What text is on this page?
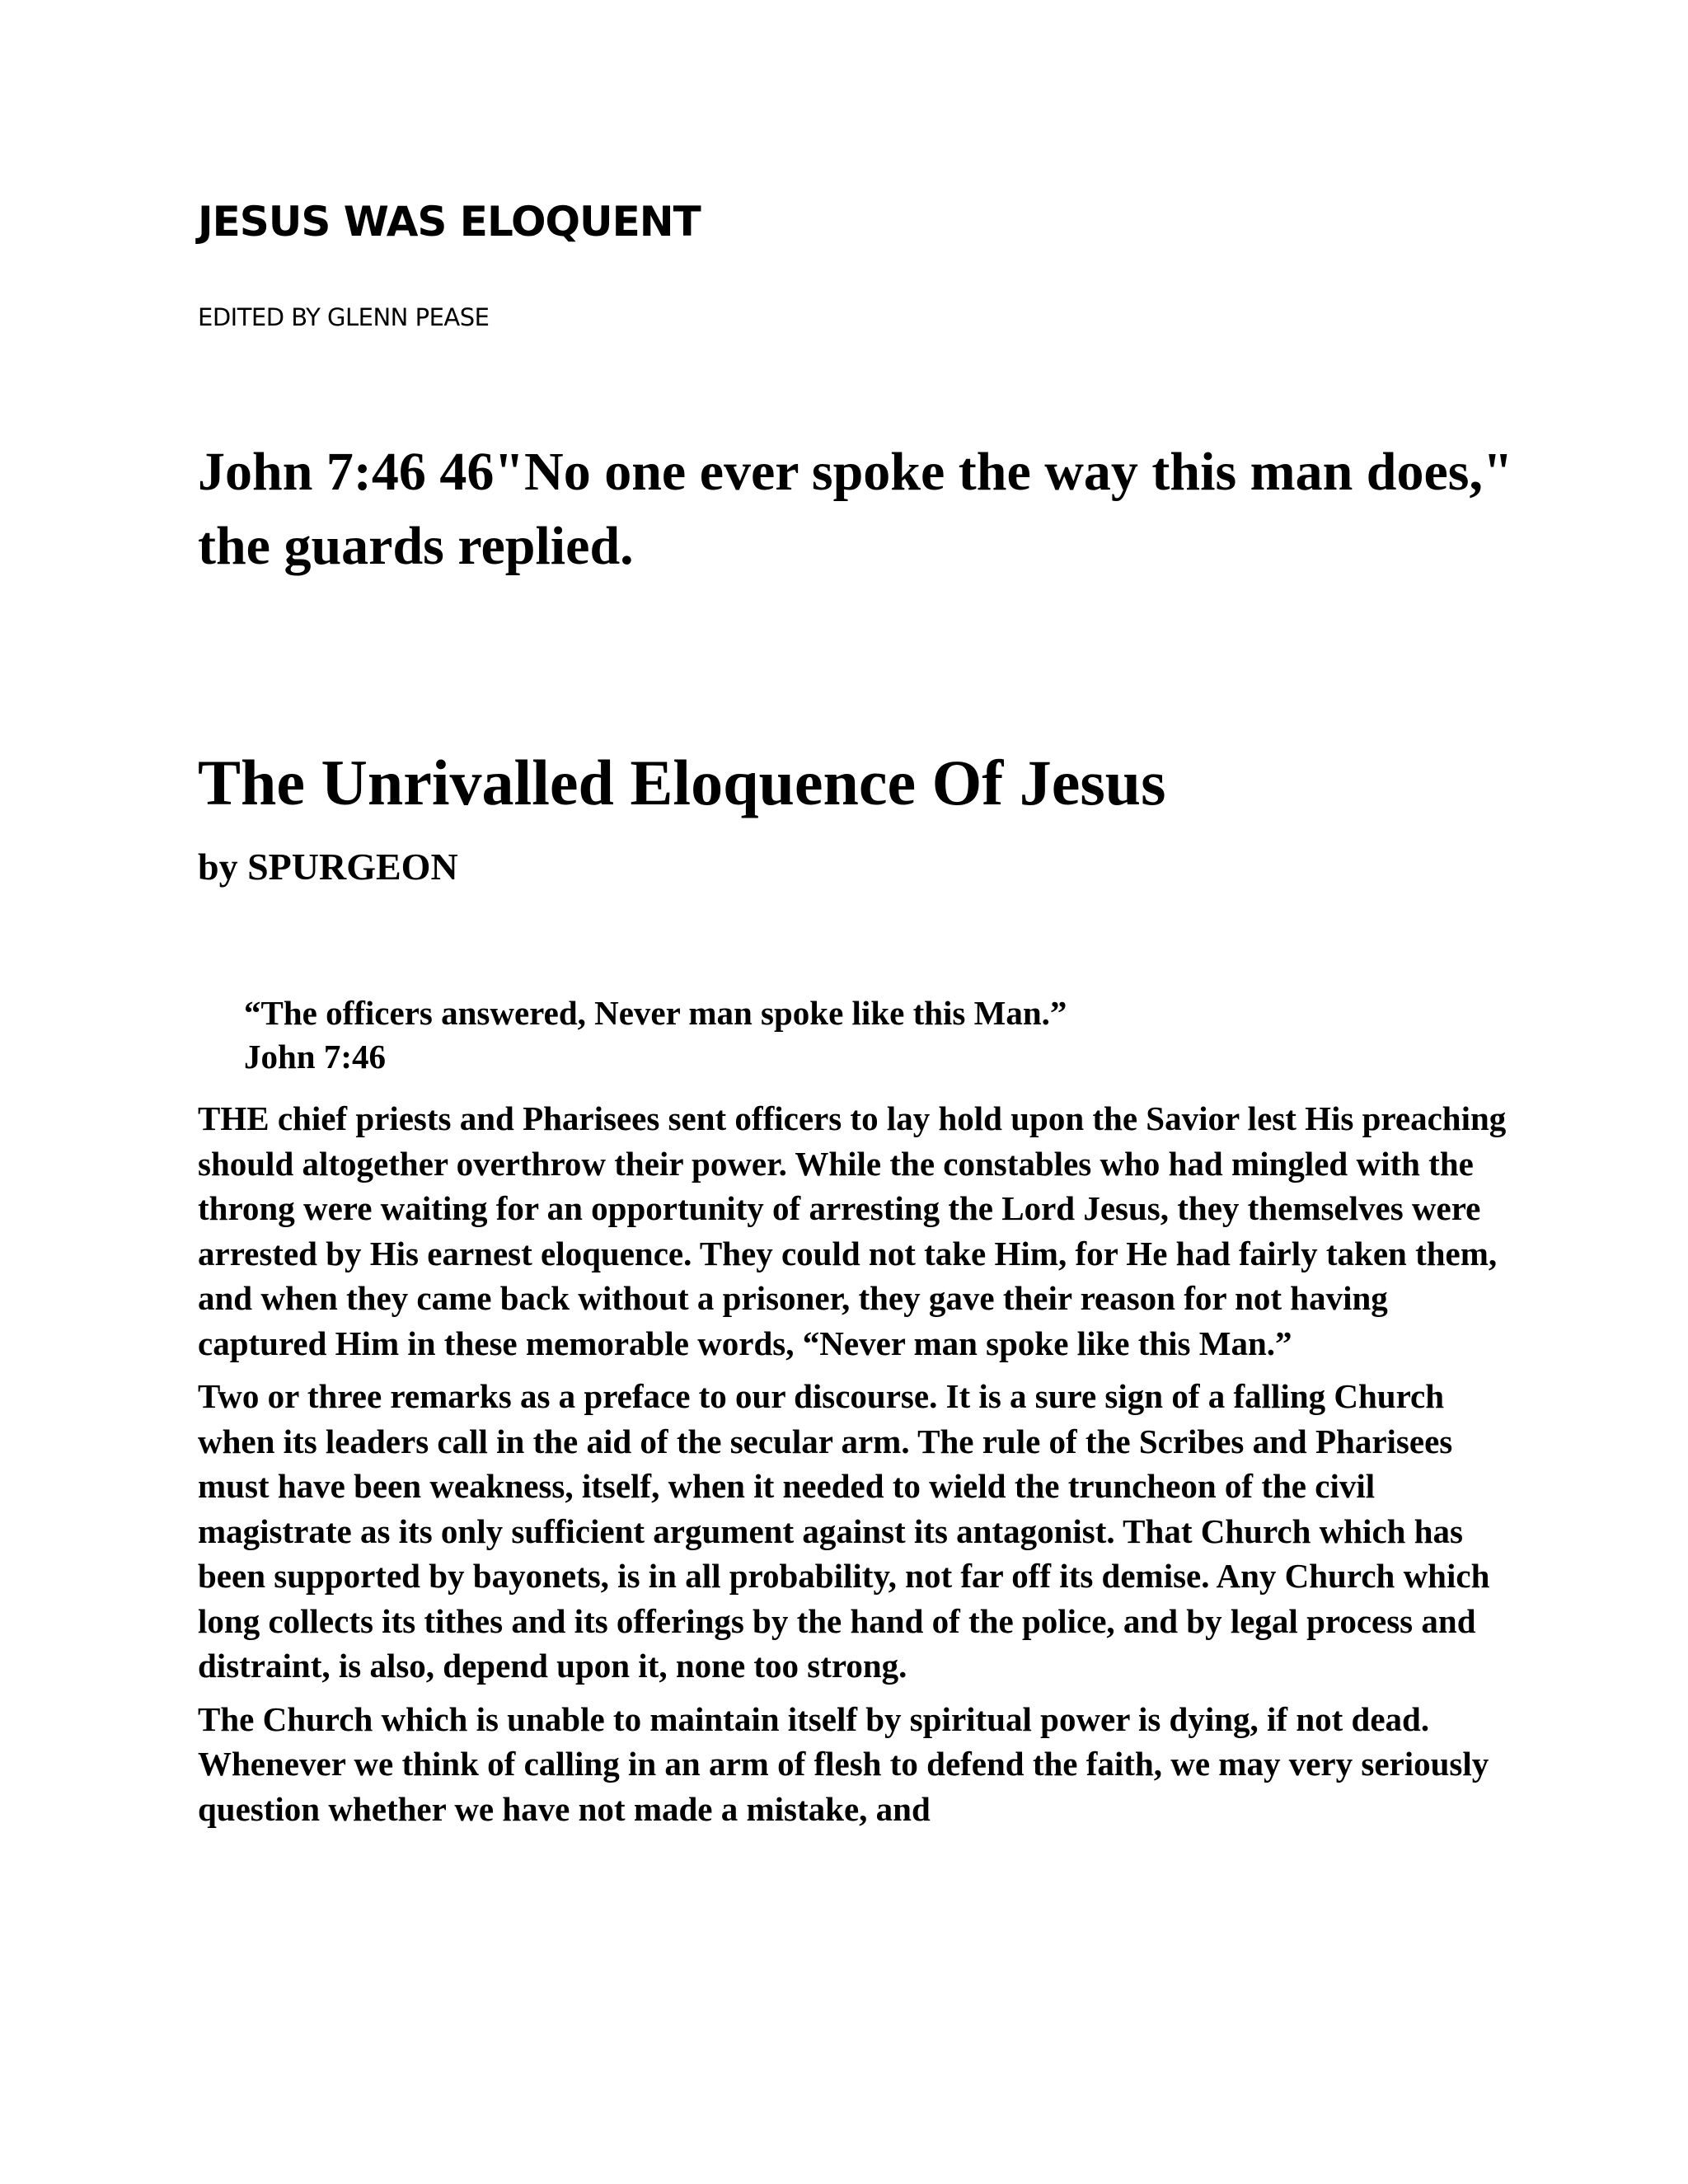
JESUS WAS ELOQUENT

EDITED BY GLENN PEASE

John 7:46 46"No one ever spoke the way this man does," the guards replied.
The Unrivalled Eloquence Of Jesus

by SPURGEON

“The officers answered, Never man spoke like this Man.”

John 7:46

THE chief priests and Pharisees sent officers to lay hold upon the Savior lest His preaching should altogether overthrow their power. While the constables who had mingled with the throng were waiting for an opportunity of arresting the Lord Jesus, they themselves were arrested by His earnest eloquence. They could not take Him, for He had fairly taken them, and when they came back without a prisoner, they gave their reason for not having captured Him in these memorable words, “Never man spoke like this Man.”

Two or three remarks as a preface to our discourse. It is a sure sign of a falling Church when its leaders call in the aid of the secular arm. The rule of the Scribes and Pharisees must have been weakness, itself, when it needed to wield the truncheon of the civil magistrate as its only sufficient argument against its antagonist. That Church which has been supported by bayonets, is in all probability, not far off its demise. Any Church which long collects its tithes and its offerings by the hand of the police, and by legal process and distraint, is also, depend upon it, none too strong.

The Church which is unable to maintain itself by spiritual power is dying, if not dead. Whenever we think of calling in an arm of flesh to defend the faith, we may very seriously question whether we have not made a mistake, and
